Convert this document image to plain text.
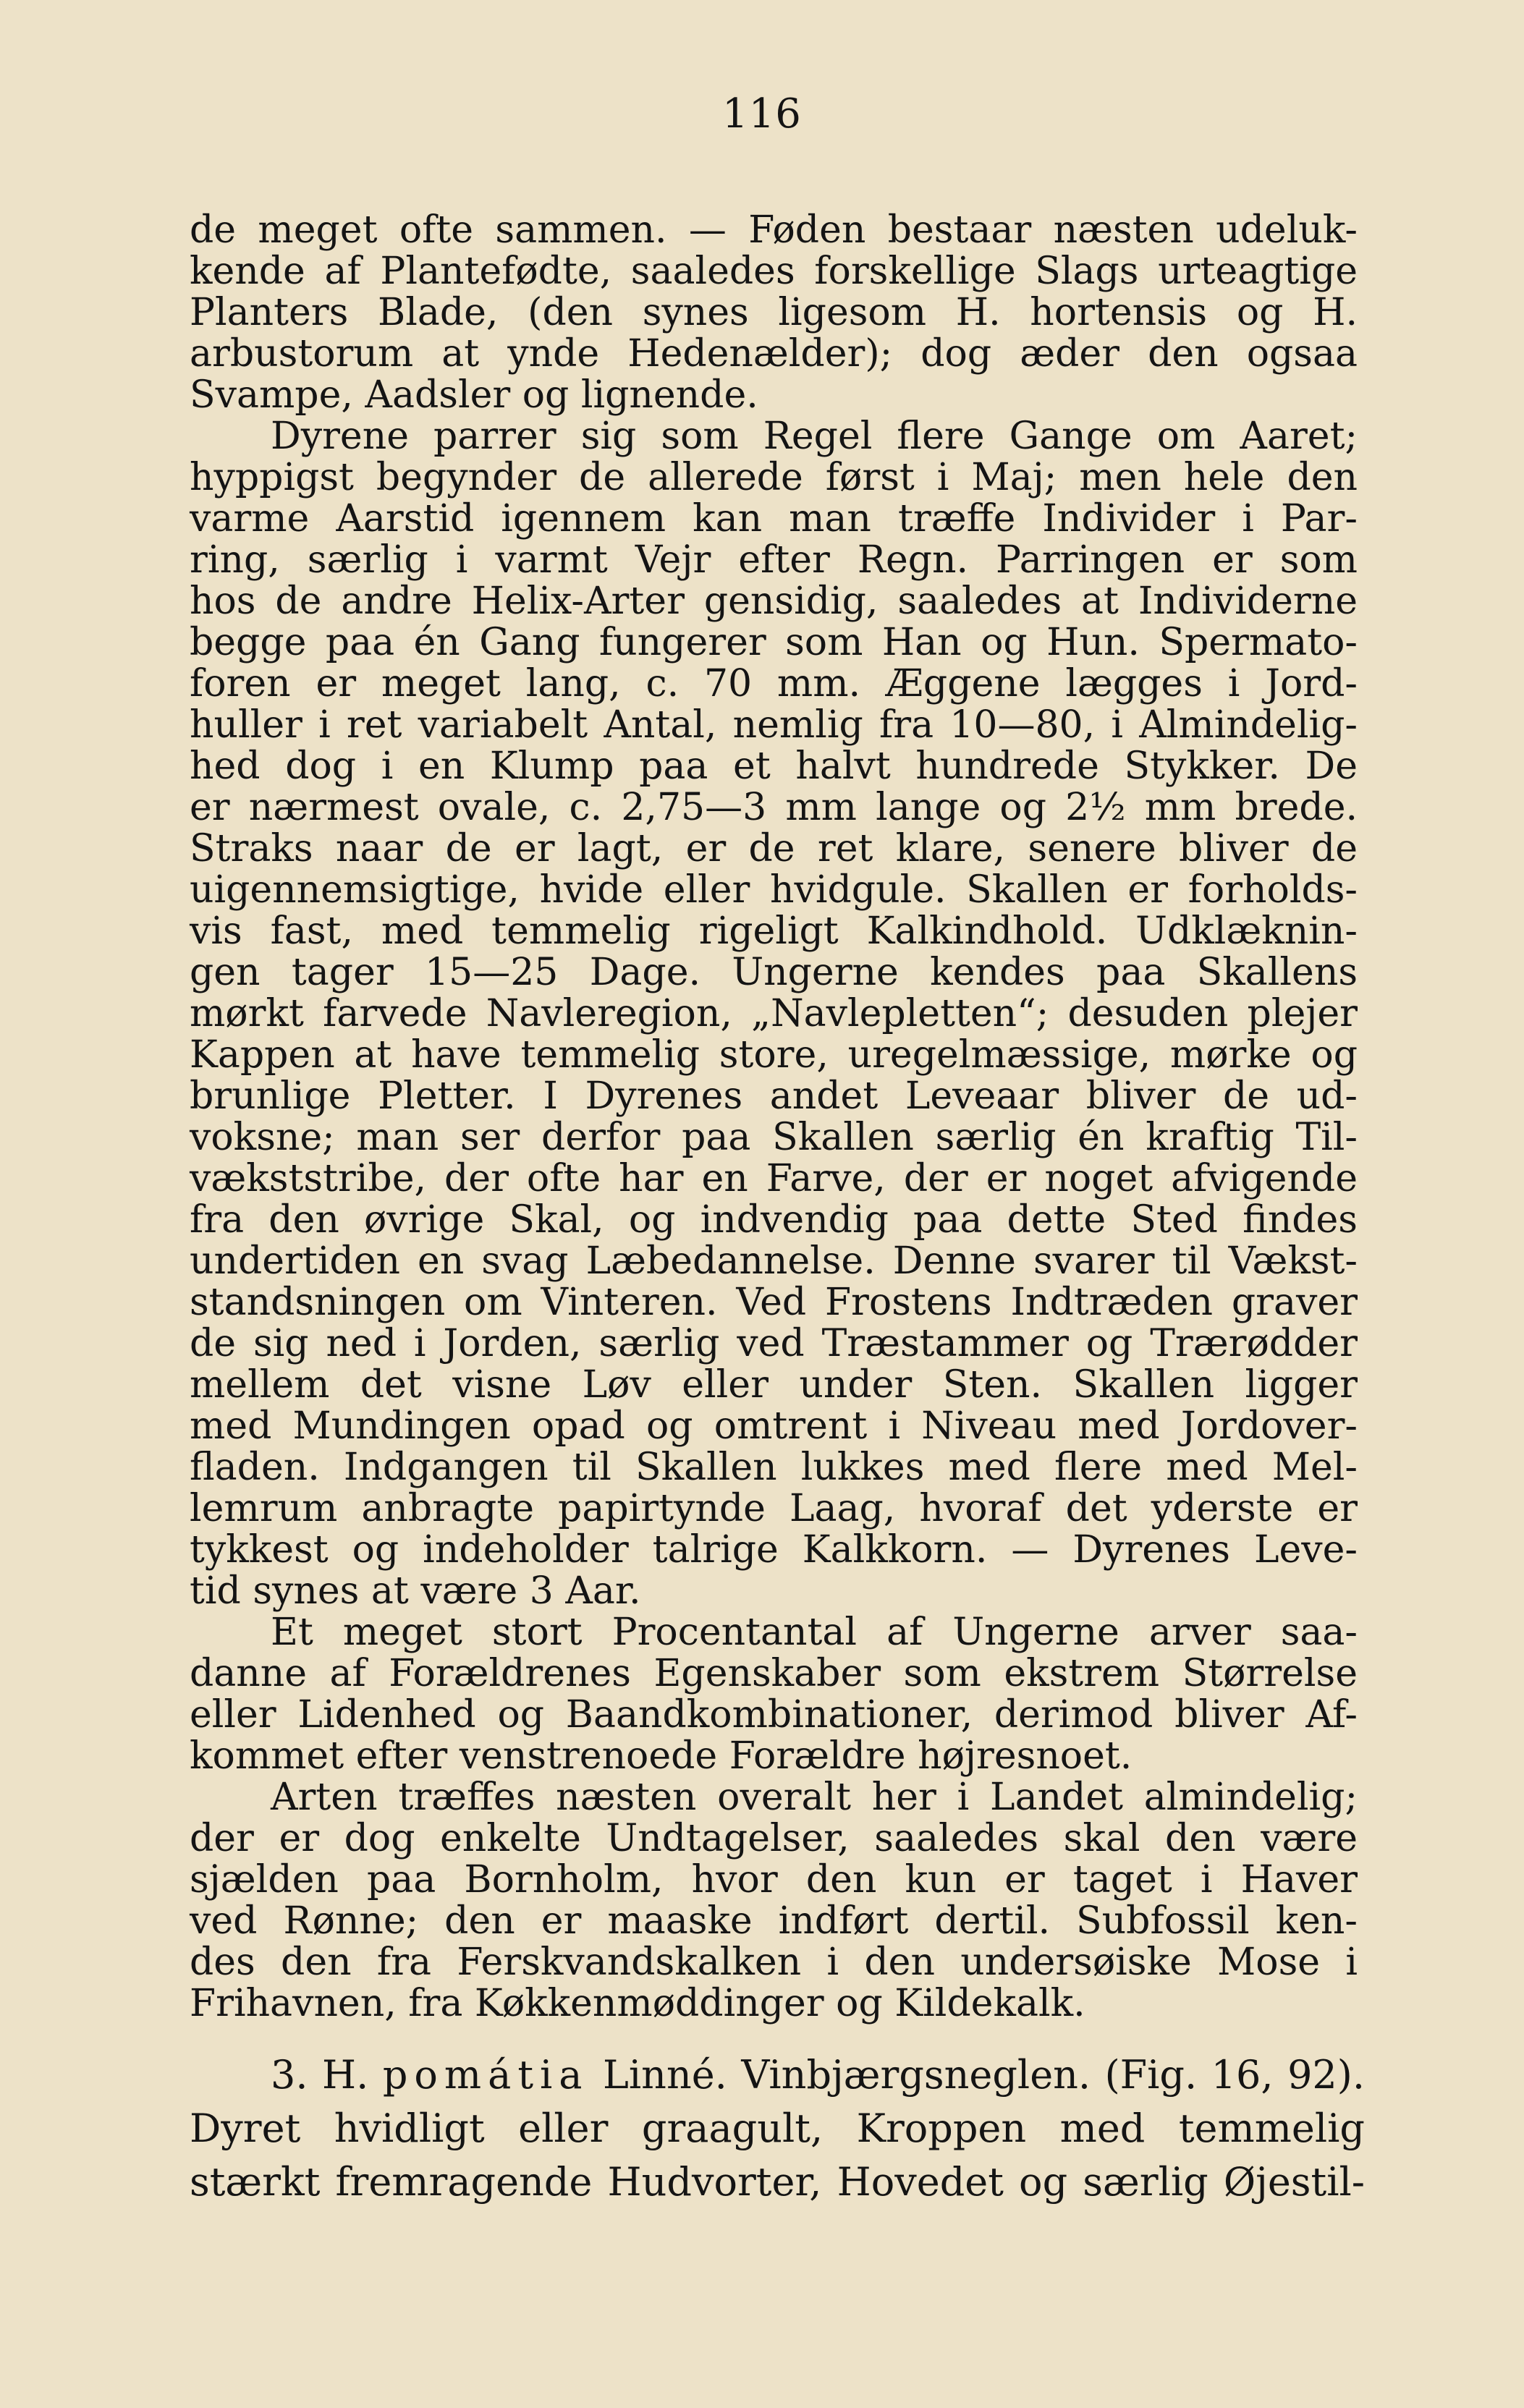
116
de meget ofte sammen. — Føden bestaar næsten udeluk-
kende af Plantefødte, saaledes forskellige Slags urteagtige
Planters Blade, (den synes ligesom H. hortensis og H.
arbustorum at ynde Hedenælder); dog æder den ogsaa
Svampe, Aadsler og lignende.
Dyrene parrer sig som Regel flere Gange om Aaret;
hyppigst begynder de allerede først i Maj; men hele den
varme Aarstid igennem kan man træffe Individer i Par-
ring, særlig i varmt Vejr efter Regn. Parringen er som
hos de andre Helix-Arter gensidig, saaledes at Individerne
begge paa én Gang fungerer som Han og Hun. Spermato-
foren er meget lang, c. 70 mm. Æggene lægges i Jord-
huller i ret variabelt Antal, nemlig fra 10—80, i Almindelig-
hed dog i en Klump paa et halvt hundrede Stykker. De
er nærmest ovale, c. 2,75—3 mm lange og 2½ mm brede.
Straks naar de er lagt, er de ret klare, senere bliver de
uigennemsigtige, hvide eller hvidgule. Skallen er forholds-
vis fast, med temmelig rigeligt Kalkindhold. Udklæknin-
gen tager 15—25 Dage. Ungerne kendes paa Skallens
mørkt farvede Navleregion, „Navlepletten“; desuden plejer
Kappen at have temmelig store, uregelmæssige, mørke og
brunlige Pletter. I Dyrenes andet Leveaar bliver de ud-
voksne; man ser derfor paa Skallen særlig én kraftig Til-
vækststribe, der ofte har en Farve, der er noget afvigende
fra den øvrige Skal, og indvendig paa dette Sted findes
undertiden en svag Læbedannelse. Denne svarer til Vækst-
standsningen om Vinteren. Ved Frostens Indtræden graver
de sig ned i Jorden, særlig ved Træstammer og Trærødder
mellem det visne Løv eller under Sten. Skallen ligger
med Mundingen opad og omtrent i Niveau med Jordover-
fladen. Indgangen til Skallen lukkes med flere med Mel-
lemrum anbragte papirtynde Laag, hvoraf det yderste er
tykkest og indeholder talrige Kalkkorn. — Dyrenes Leve-
tid synes at være 3 Aar.
Et meget stort Procentantal af Ungerne arver saa-
danne af Forældrenes Egenskaber som ekstrem Størrelse
eller Lidenhed og Baandkombinationer, derimod bliver Af-
kommet efter venstrenoede Forældre højresnoet.
Arten træffes næsten overalt her i Landet almindelig;
der er dog enkelte Undtagelser, saaledes skal den være
sjælden paa Bornholm, hvor den kun er taget i Haver
ved Rønne; den er maaske indført dertil. Subfossil ken-
des den fra Ferskvandskalken i den undersøiske Mose i
Frihavnen, fra Køkkenmøddinger og Kildekalk.
3. H. pomátia Linné. Vinbjærgsneglen. (Fig. 16, 92).
Dyret hvidligt eller graagult, Kroppen med temmelig
stærkt fremragende Hudvorter, Hovedet og særlig Øjestil-
